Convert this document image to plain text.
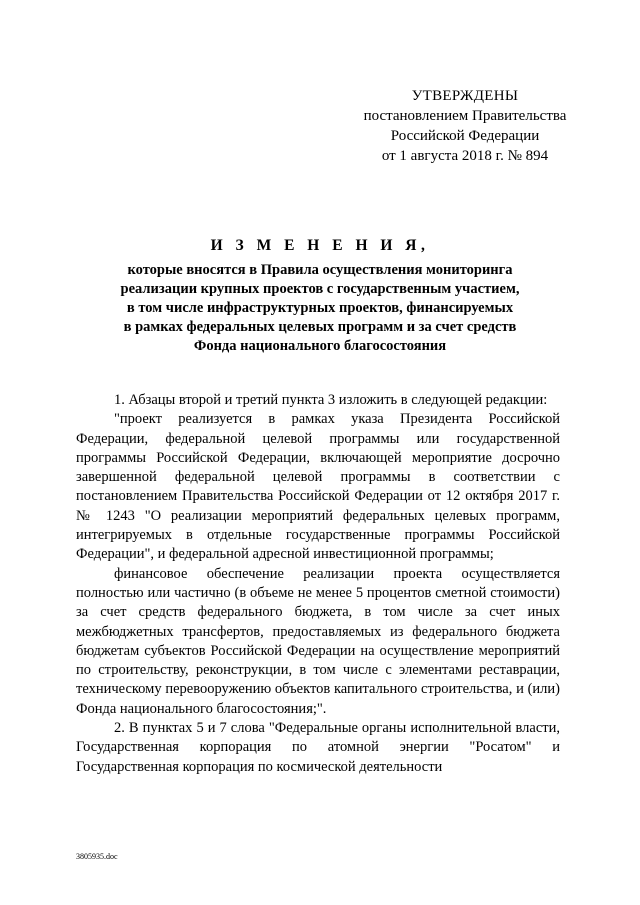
УТВЕРЖДЕНЫ
постановлением Правительства
Российской Федерации
от 1 августа 2018 г. № 894
И З М Е Н Е Н И Я,
которые вносятся в Правила осуществления мониторинга
реализации крупных проектов с государственным участием,
в том числе инфраструктурных проектов, финансируемых
в рамках федеральных целевых программ и за счет средств
Фонда национального благосостояния

1. Абзацы второй и третий пункта 3 изложить в следующей редакции:

"проект реализуется в рамках указа Президента Российской Федерации, федеральной целевой программы или государственной программы Российской Федерации, включающей мероприятие досрочно завершенной федеральной целевой программы в соответствии с постановлением Правительства Российской Федерации от 12 октября 2017 г. № 1243 "О реализации мероприятий федеральных целевых программ, интегрируемых в отдельные государственные программы Российской Федерации", и федеральной адресной инвестиционной программы;

финансовое обеспечение реализации проекта осуществляется полностью или частично (в объеме не менее 5 процентов сметной стоимости) за счет средств федерального бюджета, в том числе за счет иных межбюджетных трансфертов, предоставляемых из федерального бюджета бюджетам субъектов Российской Федерации на осуществление мероприятий по строительству, реконструкции, в том числе с элементами реставрации, техническому перевооружению объектов капитального строительства, и (или) Фонда национального благосостояния;".

2. В пунктах 5 и 7 слова "Федеральные органы исполнительной власти, Государственная корпорация по атомной энергии "Росатом" и Государственная корпорация по космической деятельности

3805935.doc
